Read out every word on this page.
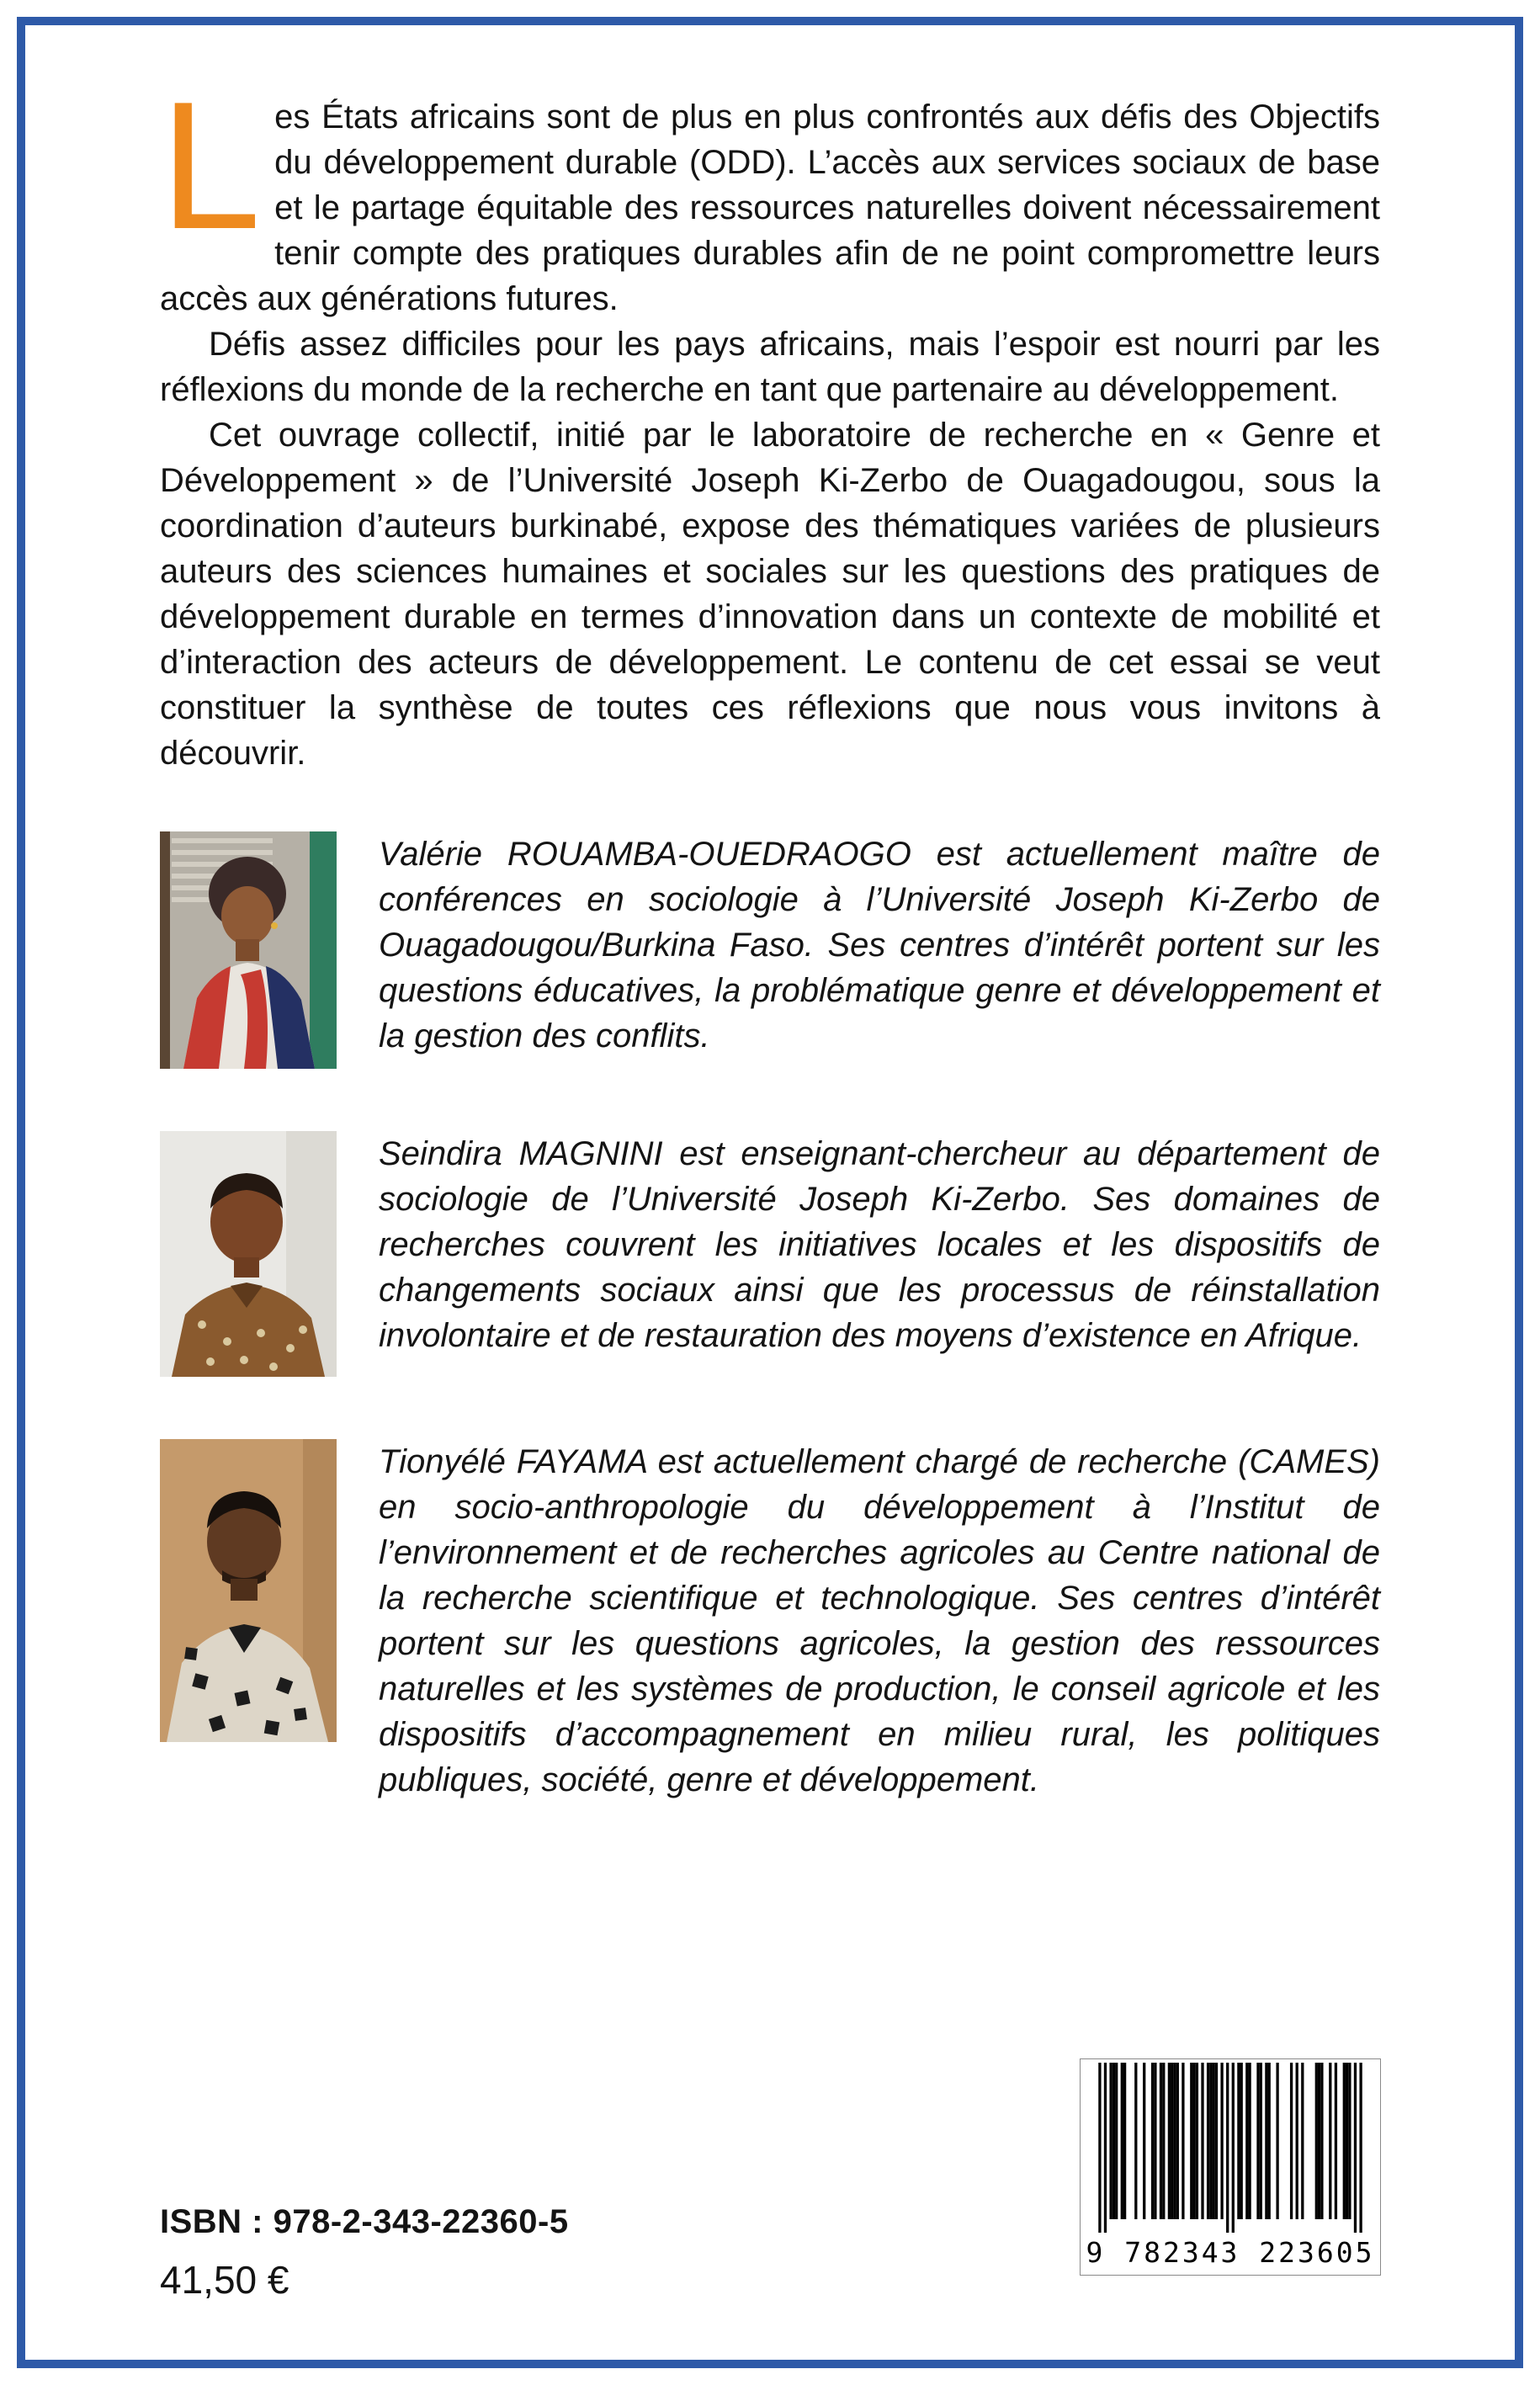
Les États africains sont de plus en plus confrontés aux défis des Objectifs du développement durable (ODD). L’accès aux services sociaux de base et le partage équitable des ressources naturelles doivent nécessairement tenir compte des pratiques durables afin de ne point compromettre leurs accès aux générations futures.

Défis assez difficiles pour les pays africains, mais l’espoir est nourri par les réflexions du monde de la recherche en tant que partenaire au développement.

Cet ouvrage collectif, initié par le laboratoire de recherche en « Genre et Développement » de l’Université Joseph Ki-Zerbo de Ouagadougou, sous la coordination d’auteurs burkinabé, expose des thématiques variées de plusieurs auteurs des sciences humaines et sociales sur les questions des pratiques de développement durable en termes d’innovation dans un contexte de mobilité et d’interaction des acteurs de développement. Le contenu de cet essai se veut constituer la synthèse de toutes ces réflexions que nous vous invitons à découvrir.

Valérie ROUAMBA-OUEDRAOGO est actuellement maître de conférences en sociologie à l’Université Joseph Ki-Zerbo de Ouagadougou/Burkina Faso. Ses centres d’intérêt portent sur les questions éducatives, la problématique genre et développement et la gestion des conflits.
Seindira MAGNINI est enseignant-chercheur au département de sociologie de l’Université Joseph Ki-Zerbo. Ses domaines de recherches couvrent les initiatives locales et les dispositifs de changements sociaux ainsi que les processus de réinstallation involontaire et de restauration des moyens d’existence en Afrique.
Tionyélé FAYAMA est actuellement chargé de recherche (CAMES) en socio-anthropologie du développement à l’Institut de l’environnement et de recherches agricoles au Centre national de la recherche scientifique et technologique. Ses centres d’intérêt portent sur les questions agricoles, la gestion des ressources naturelles et les systèmes de production, le conseil agricole et les dispositifs d’accompagnement en milieu rural, les politiques publiques, société, genre et développement.
ISBN : 978-2-343-22360-5
41,50 €
9 782343 223605
